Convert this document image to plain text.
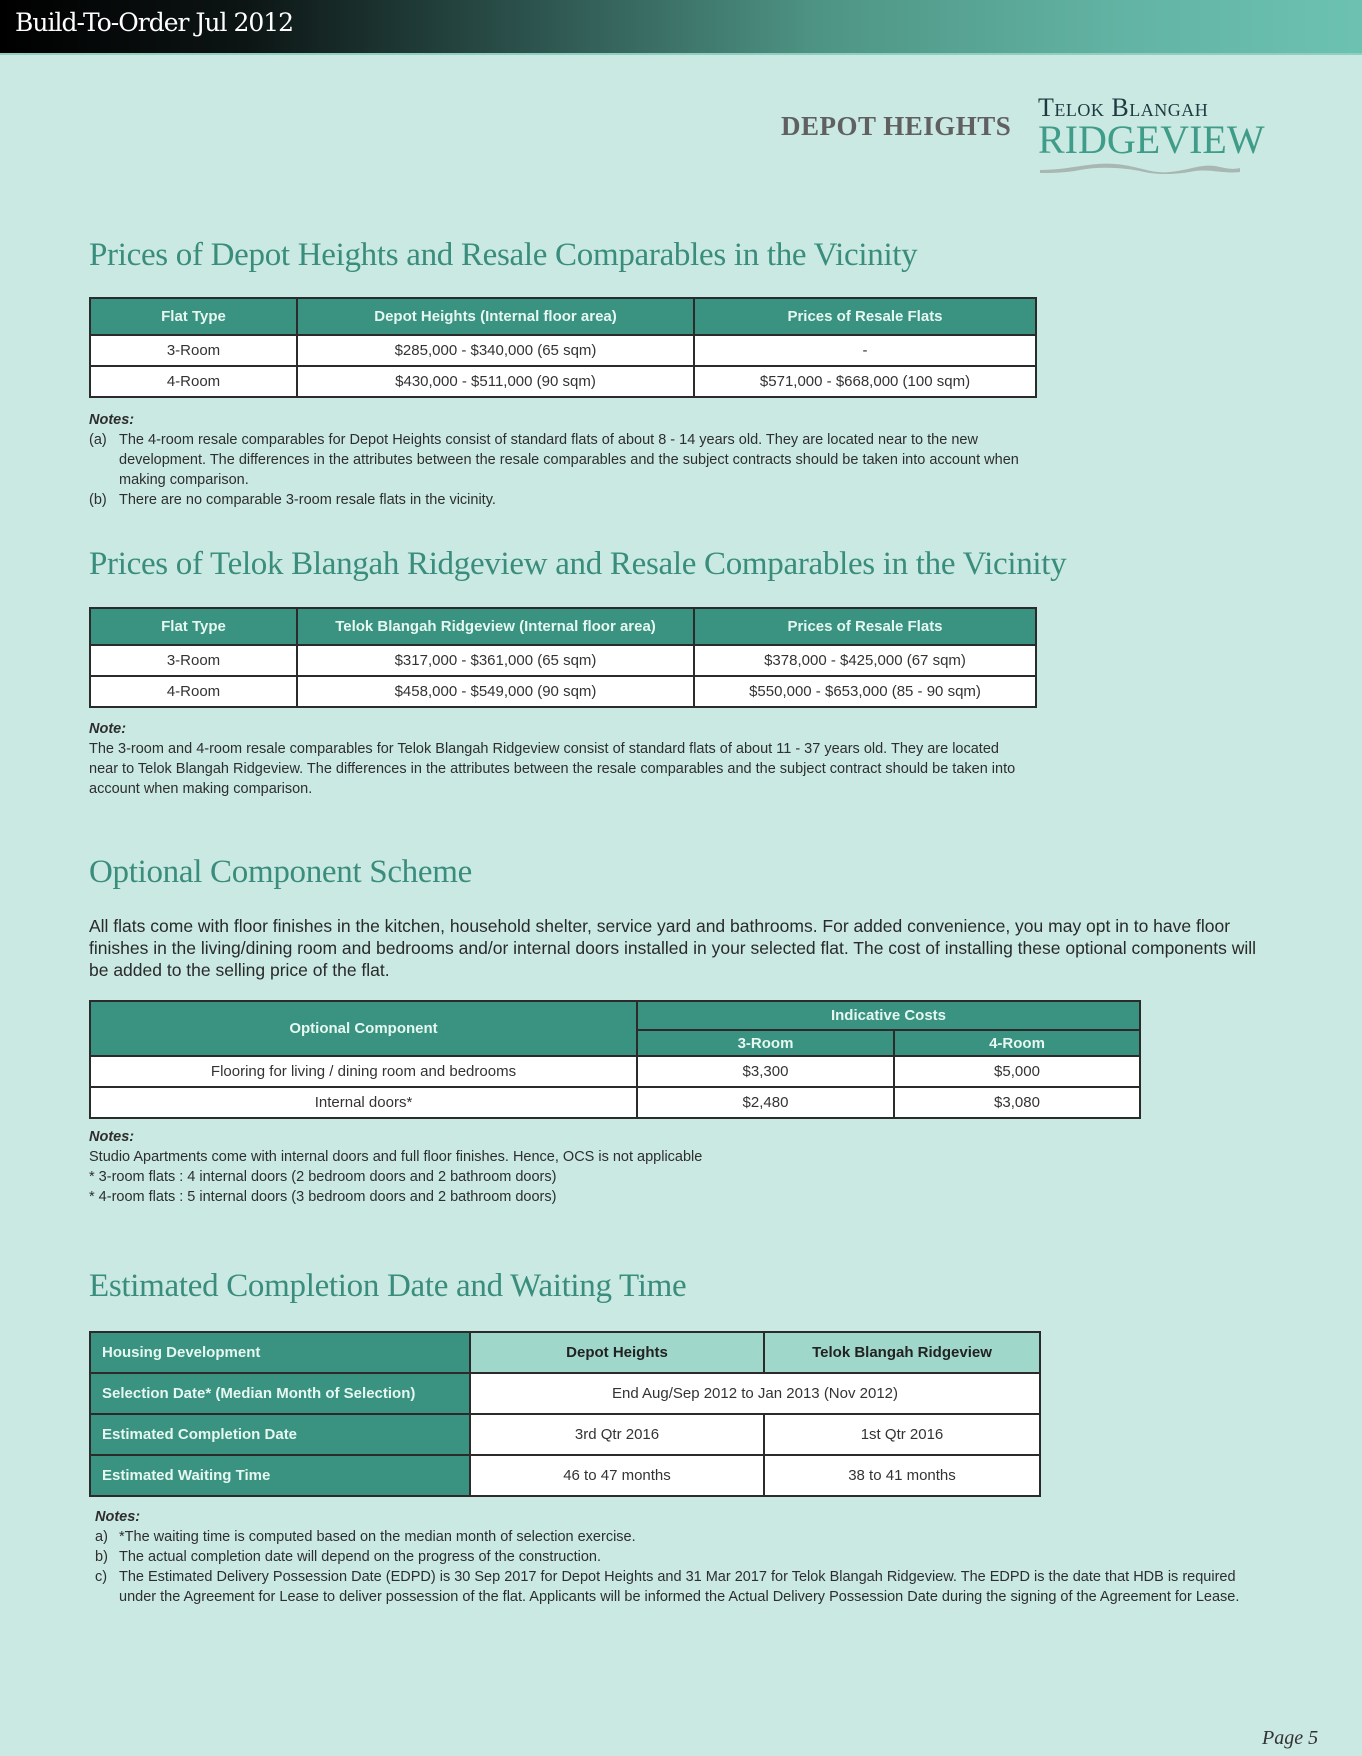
Build-To-Order Jul 2012
DEPOT HEIGHTS
Telok Blangah
RIDGEVIEW
Prices of Depot Heights and Resale Comparables in the Vicinity
Flat Type	Depot Heights (Internal floor area)	Prices of Resale Flats
3-Room	$285,000 - $340,000 (65 sqm)	-
4-Room	$430,000 - $511,000 (90 sqm)	$571,000 - $668,000 (100 sqm)
Notes:
(a) The 4-room resale comparables for Depot Heights consist of standard flats of about 8 - 14 years old. They are located near to the new development. The differences in the attributes between the resale comparables and the subject contracts should be taken into account when making comparison.
(b) There are no comparable 3-room resale flats in the vicinity.
Prices of Telok Blangah Ridgeview and Resale Comparables in the Vicinity
Flat Type	Telok Blangah Ridgeview (Internal floor area)	Prices of Resale Flats
3-Room	$317,000 - $361,000 (65 sqm)	$378,000 - $425,000 (67 sqm)
4-Room	$458,000 - $549,000 (90 sqm)	$550,000 - $653,000 (85 - 90 sqm)
Note:
The 3-room and 4-room resale comparables for Telok Blangah Ridgeview consist of standard flats of about 11 - 37 years old. They are located near to Telok Blangah Ridgeview. The differences in the attributes between the resale comparables and the subject contract should be taken into account when making comparison.
Optional Component Scheme
All flats come with floor finishes in the kitchen, household shelter, service yard and bathrooms. For added convenience, you may opt in to have floor finishes in the living/dining room and bedrooms and/or internal doors installed in your selected flat. The cost of installing these optional components will be added to the selling price of the flat.
Optional Component	Indicative Costs	
	3-Room	4-Room
Flooring for living / dining room and bedrooms	$3,300	$5,000
Internal doors*	$2,480	$3,080
Notes:
Studio Apartments come with internal doors and full floor finishes. Hence, OCS is not applicable
* 3-room flats : 4 internal doors (2 bedroom doors and 2 bathroom doors)
* 4-room flats : 5 internal doors (3 bedroom doors and 2 bathroom doors)
Estimated Completion Date and Waiting Time
Housing Development	Depot Heights	Telok Blangah Ridgeview
Selection Date* (Median Month of Selection)	End Aug/Sep 2012 to Jan 2013 (Nov 2012)	
Estimated Completion Date	3rd Qtr 2016	1st Qtr 2016
Estimated Waiting Time	46 to 47 months	38 to 41 months
Notes:
a) *The waiting time is computed based on the median month of selection exercise.
b) The actual completion date will depend on the progress of the construction.
c) The Estimated Delivery Possession Date (EDPD) is 30 Sep 2017 for Depot Heights and 31 Mar 2017 for Telok Blangah Ridgeview. The EDPD is the date that HDB is required under the Agreement for Lease to deliver possession of the flat. Applicants will be informed the Actual Delivery Possession Date during the signing of the Agreement for Lease.
Page 5
